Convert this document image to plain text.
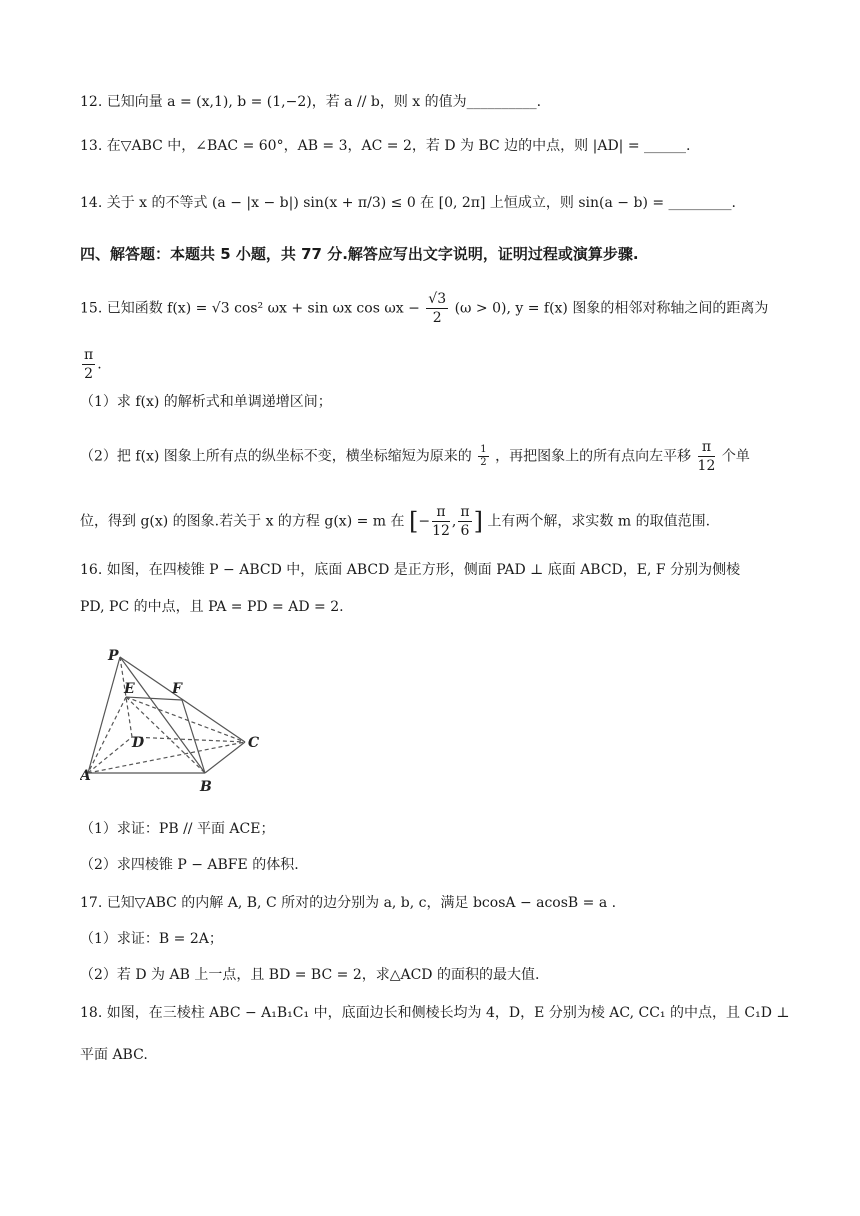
12. 已知向量 a = (x,1), b = (1,−2)，若 a // b，则 x 的值为__________.
13. 在▽ABC 中，∠BAC = 60°，AB = 3，AC = 2，若 D 为 BC 边的中点，则 |AD| = ______.
14. 关于 x 的不等式 (a − |x − b|) sin(x + π/3) ≤ 0 在 [0, 2π] 上恒成立，则 sin(a − b) = _________.
四、解答题：本题共 5 小题，共 77 分.解答应写出文字说明，证明过程或演算步骤.
15. 已知函数 f(x) = √3 cos² ωx + sin ωx $\cos \omega x - \frac{√3}{2} (\omega > 0)$, y = f(x) 图象的相邻对称轴之间的距离为
$\frac{\pi}{2}$ .
（1）求 f(x) 的解析式和单调递增区间；
（2）把 f(x) 图象上所有点的纵坐标不变，横坐标缩短为原来的 $\frac{1}{2}$ ，再把图象上的所有点向左平移 $\frac{\pi}{12}$ 个单
位，得到 g(x) 的图象.若关于 x 的方程 g(x) = m 在 [− $\frac{\pi}{12}$ , $\frac{\pi}{6}$ ] 上有两个解，求实数 m 的取值范围.
16. 如图，在四棱锥 P − ABCD 中，底面 ABCD 是正方形，侧面 PAD ⊥ 底面 ABCD，E, F 分别为侧棱
PD, PC 的中点，且 PA = PD = AD = 2.
P
E	F
D	C
A
B
（1）求证：PB // 平面 ACE；
（2）求四棱锥 P − ABFE 的体积.
17. 已知▽ABC 的内解 A, B, C 所对的边分别为 a, b, c，满足 bcosA − acosB = a .
（1）求证：B = 2A；
（2）若 D 为 AB 上一点，且 BD = BC = 2，求△ACD 的面积的最大值.
18. 如图，在三棱柱 ABC − A₁B₁C₁ 中，底面边长和侧棱长均为 4，D，E 分别为棱 AC, CC₁ 的中点，且 C₁D ⊥
平面 ABC.
